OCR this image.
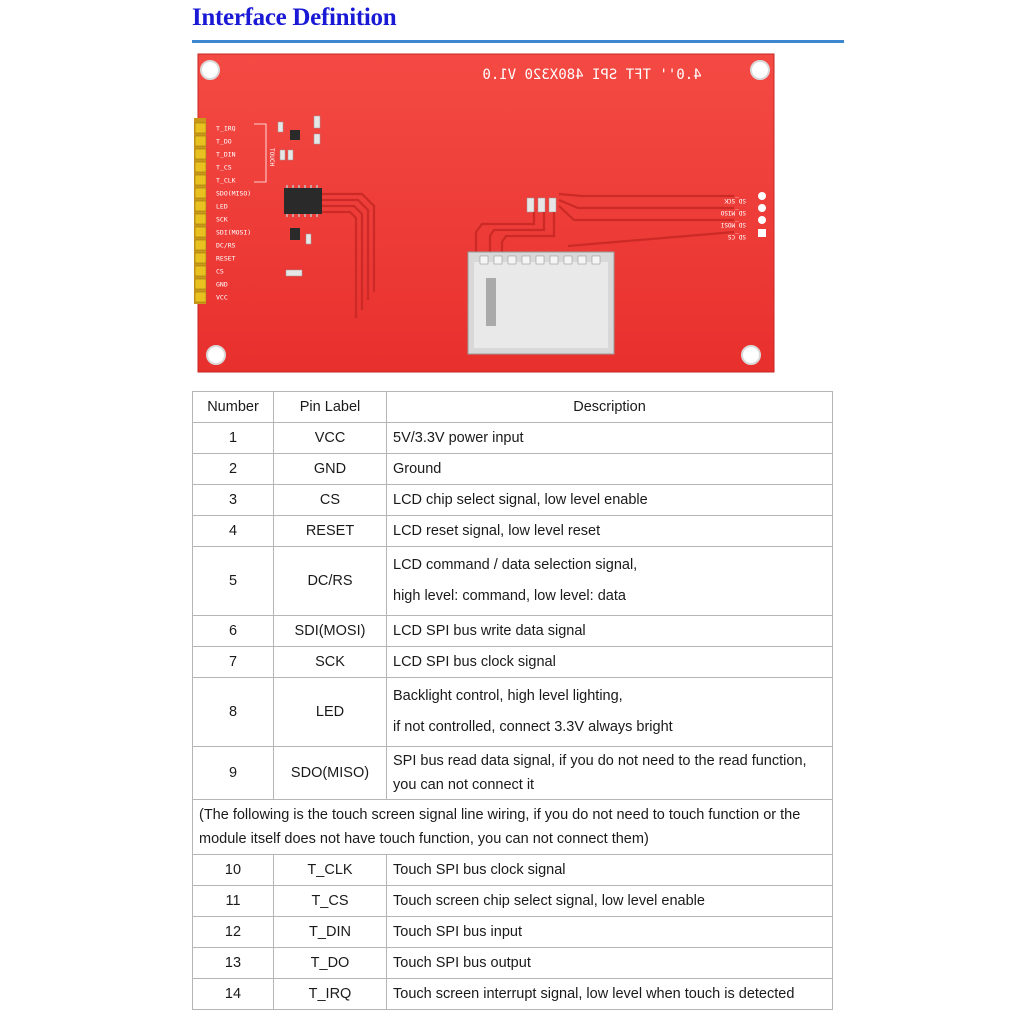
Interface Definition
4.0'' TFT SPI 480X320 V1.0
T_IRQ
T_DO
T_DIN
T_CS
T_CLK
SDO(MISO)
LED
SCK
SDI(MOSI)
DC/RS
RESET
CS
GND
VCC
TOUCH
SD_SCK
SD_MISO
SD_MOSI
SD_CS
Number	Pin Label	Description
1	VCC	5V/3.3V power input
2	GND	Ground
3	CS	LCD chip select signal, low level enable
4	RESET	LCD reset signal, low level reset
5	DC/RS	LCD command / data selection signal,
high level: command, low level: data

6	SDI(MOSI)	LCD SPI bus write data signal
7	SCK	LCD SPI bus clock signal
8	LED	Backlight control, high level lighting,
if not controlled, connect 3.3V always bright

9	SDO(MISO)	SPI bus read data signal, if you do not need to the read function,
you can not connect it

(The following is the touch screen signal line wiring, if you do not need to touch function or the module itself does not have touch function, you can not connect them)		
10	T_CLK	Touch SPI bus clock signal
11	T_CS	Touch screen chip select signal, low level enable
12	T_DIN	Touch SPI bus input
13	T_DO	Touch SPI bus output
14	T_IRQ	Touch screen interrupt signal, low level when touch is detected
